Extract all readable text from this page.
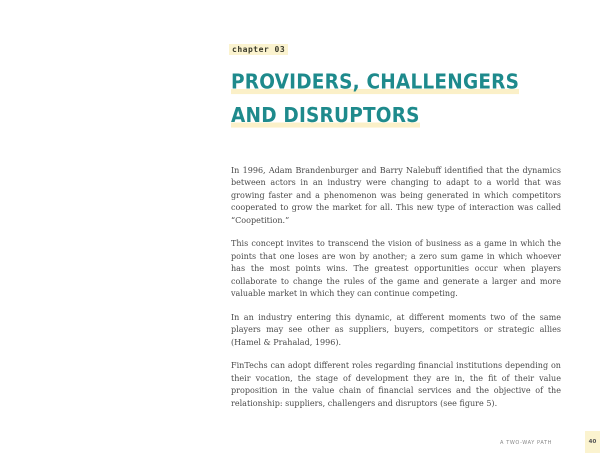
chapter 03
PROVIDERS, CHALLENGERS
AND DISRUPTORS

In 1996, Adam Brandenburger and Barry Nalebuff identified that the dynamics between actors in an industry were changing to adapt to a world that was growing faster and a phenomenon was being generated in which competitors cooperated to grow the market for all. This new type of interaction was called “Coopetition.”

This concept invites to transcend the vision of business as a game in which the points that one loses are won by another; a zero sum game in which whoever has the most points wins. The greatest opportunities occur when players collaborate to change the rules of the game and generate a larger and more valuable market in which they can continue competing.

In an industry entering this dynamic, at different moments two of the same players may see other as suppliers, buyers, competitors or strategic allies (Hamel & Prahalad, 1996).

FinTechs can adopt different roles regarding financial institutions depending on their vocation, the stage of development they are in, the fit of their value proposition in the value chain of financial services and the objective of the relationship: suppliers, challengers and disruptors (see figure 5).

A TWO-WAY PATH	40
